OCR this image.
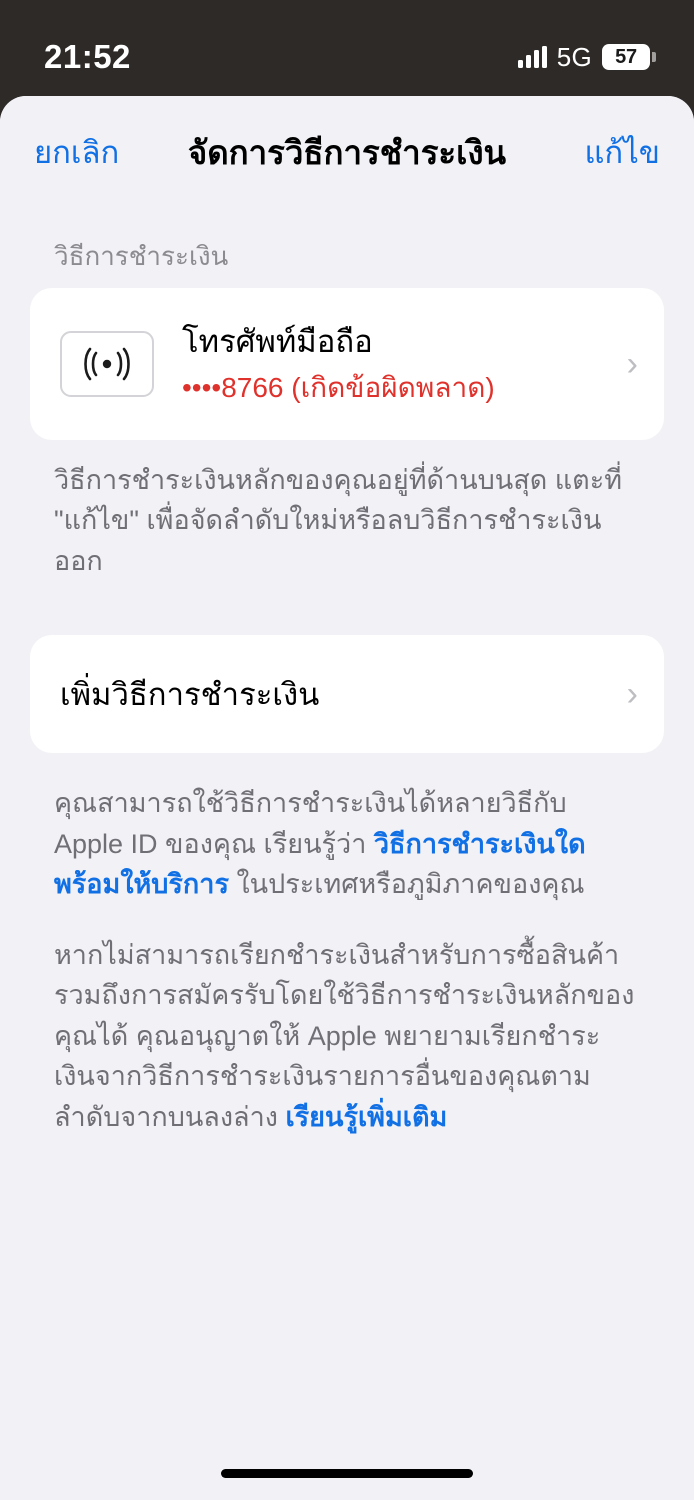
21:52	5G 57
ยกเลิก	จัดการวิธีการชำระเงิน	แก้ไข
วิธีการชำระเงิน
โทรศัพท์มือถือ
••••8766 (เกิดข้อผิดพลาด)
›
วิธีการชำระเงินหลักของคุณอยู่ที่ด้านบนสุด แตะที่ "แก้ไข" เพื่อจัดลำดับใหม่หรือลบวิธีการชำระเงินออก
เพิ่มวิธีการชำระเงิน	›
คุณสามารถใช้วิธีการชำระเงินได้หลายวิธีกับ Apple ID ของคุณ เรียนรู้ว่า วิธีการชำระเงินใดพร้อมให้บริการ ในประเทศหรือภูมิภาคของคุณ
หากไม่สามารถเรียกชำระเงินสำหรับการซื้อสินค้ารวมถึงการสมัครรับโดยใช้วิธีการชำระเงินหลักของคุณได้ คุณอนุญาตให้ Apple พยายามเรียกชำระเงินจากวิธีการชำระเงินรายการอื่นของคุณตามลำดับจากบนลงล่าง เรียนรู้เพิ่มเติม
